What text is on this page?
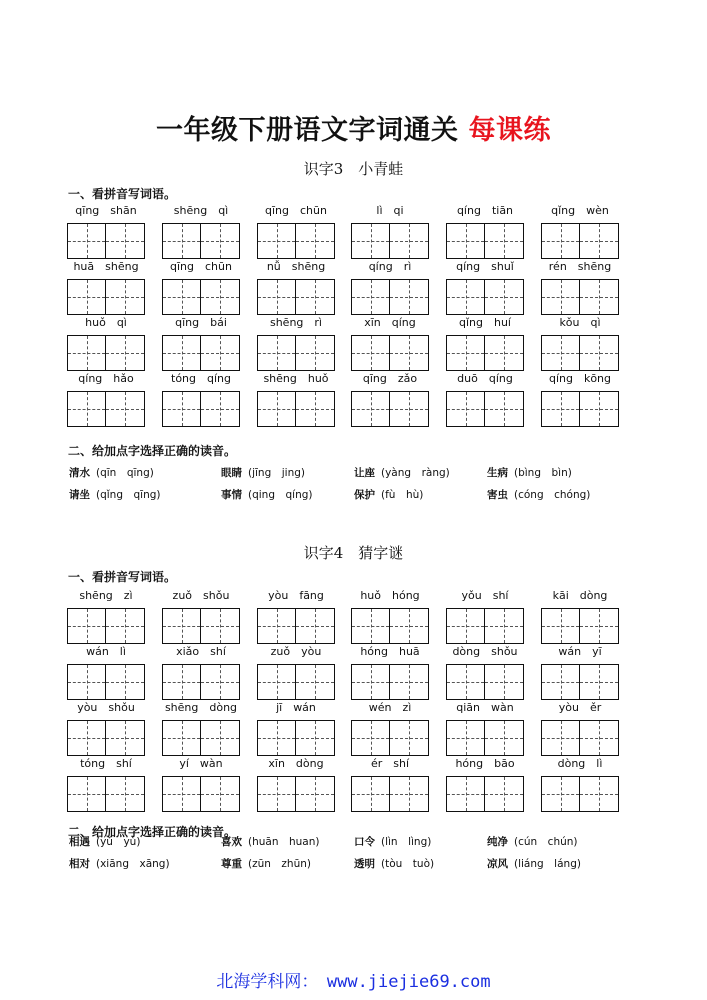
一年级下册语文字词通关 每课练
识字3　小青蛙
一、看拼音写词语。
qīng　shān	shēng　qì	qīng　chūn	lì　qi	qíng　tiān	qǐng　wèn
huā　shēng	qīng　chūn	nǚ　shēng	qíng　rì	qíng　shuǐ	rén　shēng
huǒ　qì	qīng　bái	shēng　rì	xīn　qíng	qǐng　huí	kǒu　qì
qíng　hǎo	tóng　qíng	shēng　huǒ	qīng　zǎo	duō　qíng	qíng　kōng
二、给加点字选择正确的读音。
清水 (qīn　qīng)	眼睛 (jīng　jing)	让座 (yàng　ràng)	生病 (bìng　bìn)
请坐 (qǐng　qīng)	事情 (qing　qíng)	保护 (fù　hù)	害虫 (cóng　chóng)
识字4　猜字谜
一、看拼音写词语。
shēng　zì	zuǒ　shǒu	yòu　fāng	huǒ　hóng	yǒu　shí	kāi　dòng
wán　lì	xiǎo　shí	zuǒ　yòu	hóng　huā	dòng　shǒu	wán　yī
yòu　shǒu	shēng　dòng	jī　wán	wén　zì	qiān　wàn	yòu　ěr
tóng　shí	yí　wàn	xīn　dòng	ér　shí	hóng　bāo	dòng　lì
二、给加点字选择正确的读音。
相遇 (yǔ　yù)	喜欢 (huān　huan)	口令 (lìn　lìng)	纯净 (cún　chún)
相对 (xiāng　xāng)	尊重 (zūn　zhūn)	透明 (tòu　tuò)	凉风 (liáng　láng)
北海学科网：　www.jiejie69.com
